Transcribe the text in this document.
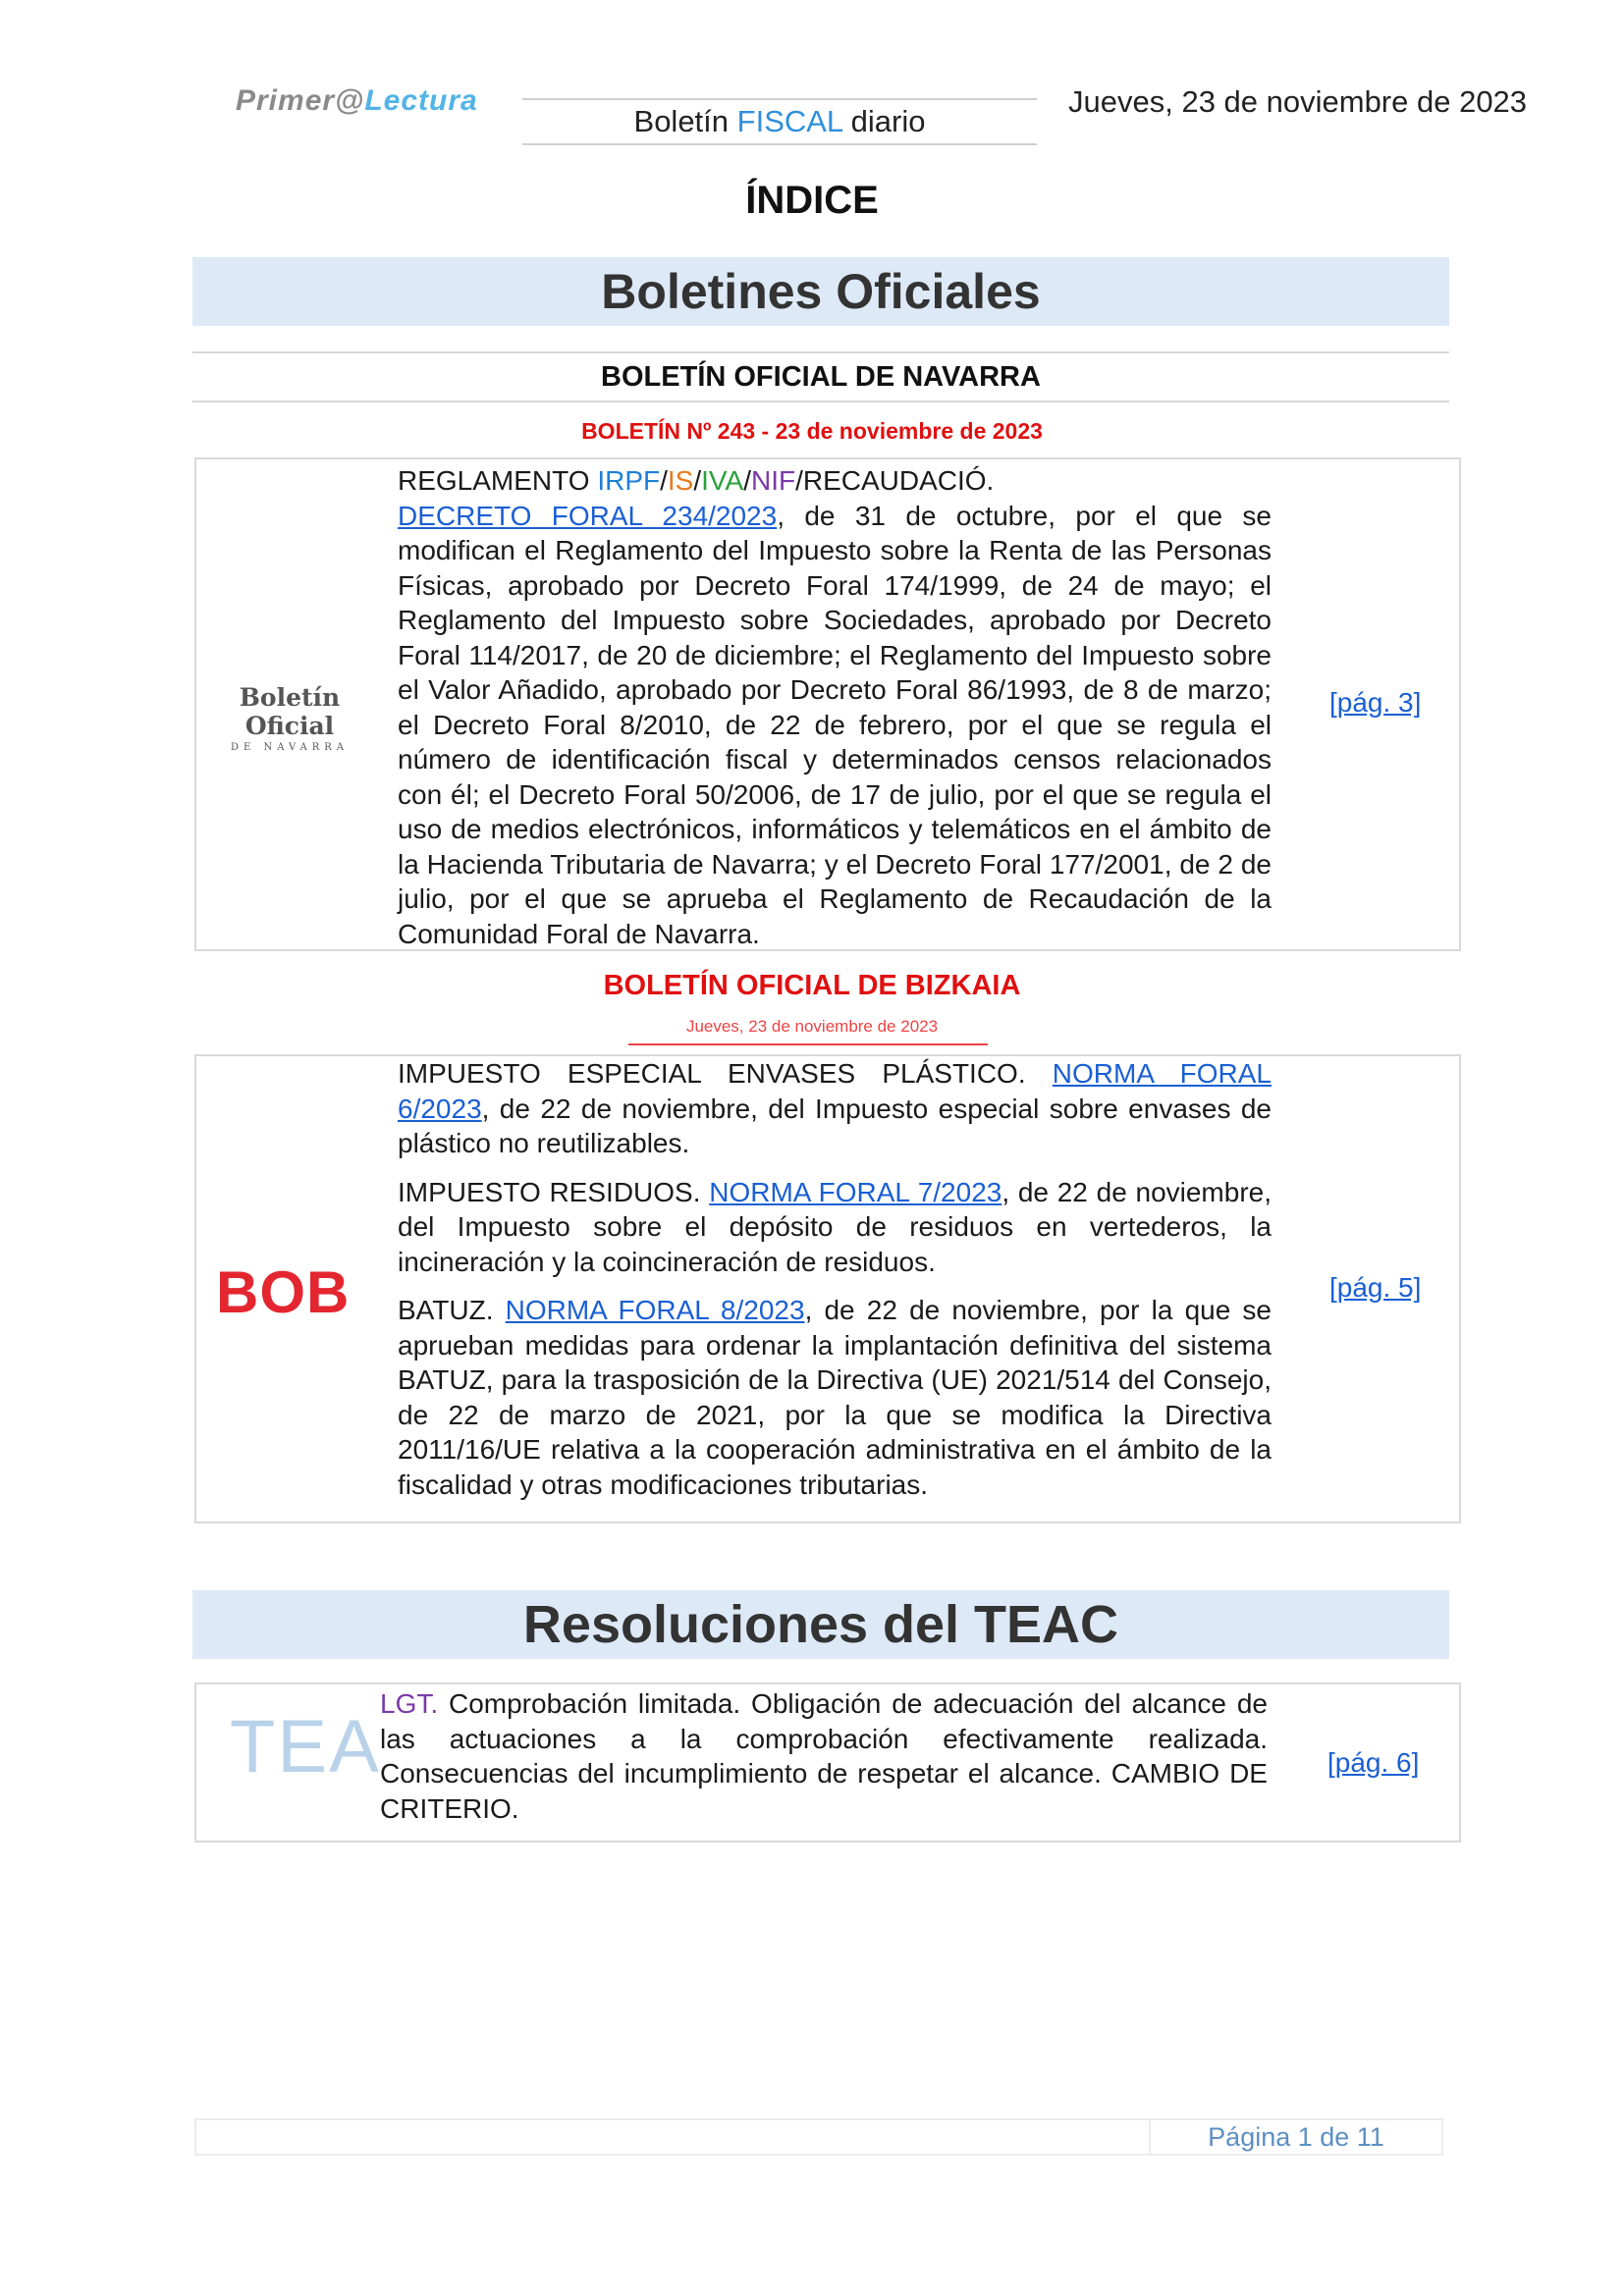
Primer@Lectura
Boletín FISCAL diario
Jueves, 23 de noviembre de 2023
ÍNDICE
Boletines Oficiales
BOLETÍN OFICIAL DE NAVARRA
BOLETÍN Nº 243 - 23 de noviembre de 2023
Boletín Oficial
DE NAVARRA

REGLAMENTO IRPF/IS/IVA/NIF/RECAUDACIÓ.

DECRETO FORAL 234/2023, de 31 de octubre, por el que se modifican el Reglamento del Impuesto sobre la Renta de las Personas Físicas, aprobado por Decreto Foral 174/1999, de 24 de mayo; el Reglamento del Impuesto sobre Sociedades, aprobado por Decreto Foral 114/2017, de 20 de diciembre; el Reglamento del Impuesto sobre el Valor Añadido, aprobado por Decreto Foral 86/1993, de 8 de marzo; el Decreto Foral 8/2010, de 22 de febrero, por el que se regula el número de identificación fiscal y determinados censos relacionados con él; el Decreto Foral 50/2006, de 17 de julio, por el que se regula el uso de medios electrónicos, informáticos y telemáticos en el ámbito de la Hacienda Tributaria de Navarra; y el Decreto Foral 177/2001, de 2 de julio, por el que se aprueba el Reglamento de Recaudación de la Comunidad Foral de Navarra.

[pág. 3]
BOLETÍN OFICIAL DE BIZKAIA
Jueves, 23 de noviembre de 2023
BOB

IMPUESTO ESPECIAL ENVASES PLÁSTICO. NORMA FORAL 6/2023, de 22 de noviembre, del Impuesto especial sobre envases de plástico no reutilizables.

IMPUESTO RESIDUOS. NORMA FORAL 7/2023, de 22 de noviembre, del Impuesto sobre el depósito de residuos en vertederos, la incineración y la coincineración de residuos.

BATUZ. NORMA FORAL 8/2023, de 22 de noviembre, por la que se aprueban medidas para ordenar la implantación definitiva del sistema BATUZ, para la trasposición de la Directiva (UE) 2021/514 del Consejo, de 22 de marzo de 2021, por la que se modifica la Directiva 2011/16/UE relativa a la cooperación administrativa en el ámbito de la fiscalidad y otras modificaciones tributarias.

[pág. 5]
Resoluciones del TEAC
TEA

LGT. Comprobación limitada. Obligación de adecuación del alcance de las actuaciones a la comprobación efectivamente realizada. Consecuencias del incumplimiento de respetar el alcance. CAMBIO DE CRITERIO.

[pág. 6]
Página 1 de 11
